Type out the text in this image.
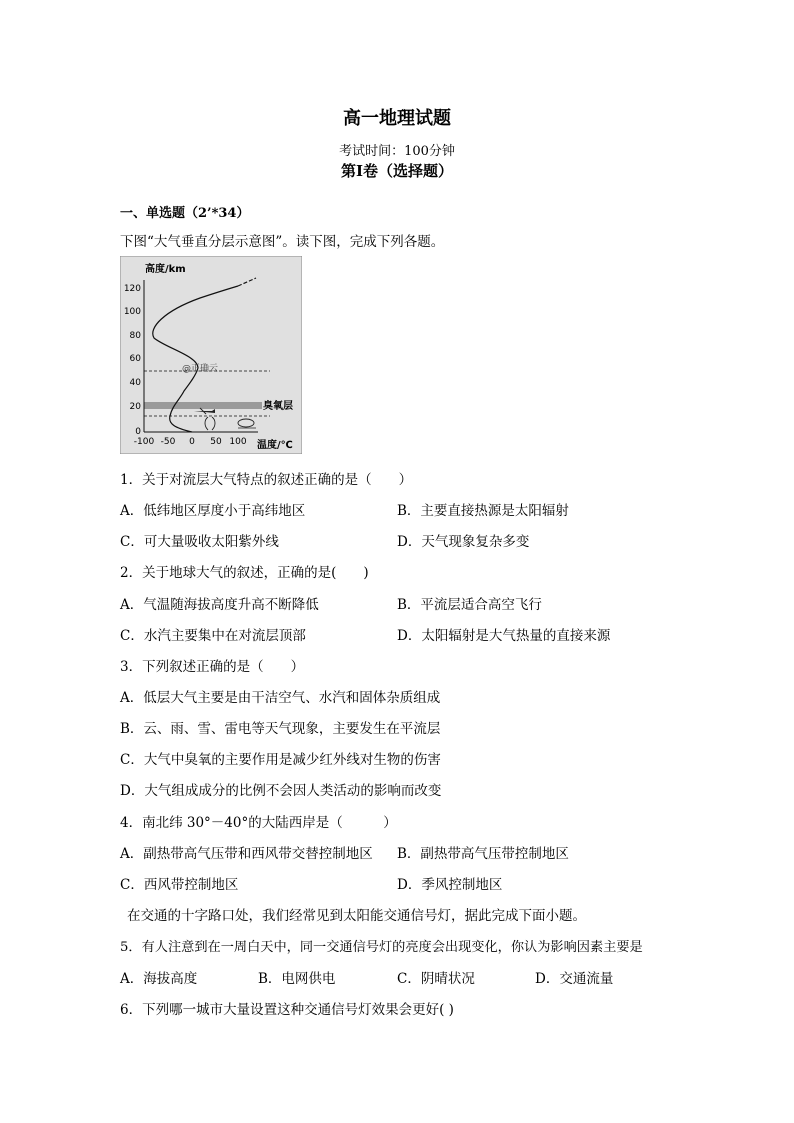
高一地理试题
考试时间：100分钟
第Ⅰ卷（选择题）
一、单选题（2’*34）
下图“大气垂直分层示意图”。读下图，完成下列各题。
高度/km
120
100
80
60
40
20
0
-100 -50 0 50 100 温度/℃
臭氧层
@正确云
1．关于对流层大气特点的叙述正确的是（　　）
A．低纬地区厚度小于高纬地区	B．主要直接热源是太阳辐射
C．可大量吸收太阳紫外线	D．天气现象复杂多变
2．关于地球大气的叙述，正确的是(　　)
A．气温随海拔高度升高不断降低	B．平流层适合高空飞行
C．水汽主要集中在对流层顶部	D．太阳辐射是大气热量的直接来源
3．下列叙述正确的是（　　）
A．低层大气主要是由干洁空气、水汽和固体杂质组成
B．云、雨、雪、雷电等天气现象，主要发生在平流层
C．大气中臭氧的主要作用是减少红外线对生物的伤害
D．大气组成成分的比例不会因人类活动的影响而改变
4．南北纬 30°－40°的大陆西岸是（　　　）
A．副热带高气压带和西风带交替控制地区 B．副热带高气压带控制地区
C．西风带控制地区	D．季风控制地区
在交通的十字路口处，我们经常见到太阳能交通信号灯，据此完成下面小题。
5．有人注意到在一周白天中，同一交通信号灯的亮度会出现变化，你认为影响因素主要是
A．海拔高度	B．电网供电	C．阴晴状况	D．交通流量
6．下列哪一城市大量设置这种交通信号灯效果会更好( )
